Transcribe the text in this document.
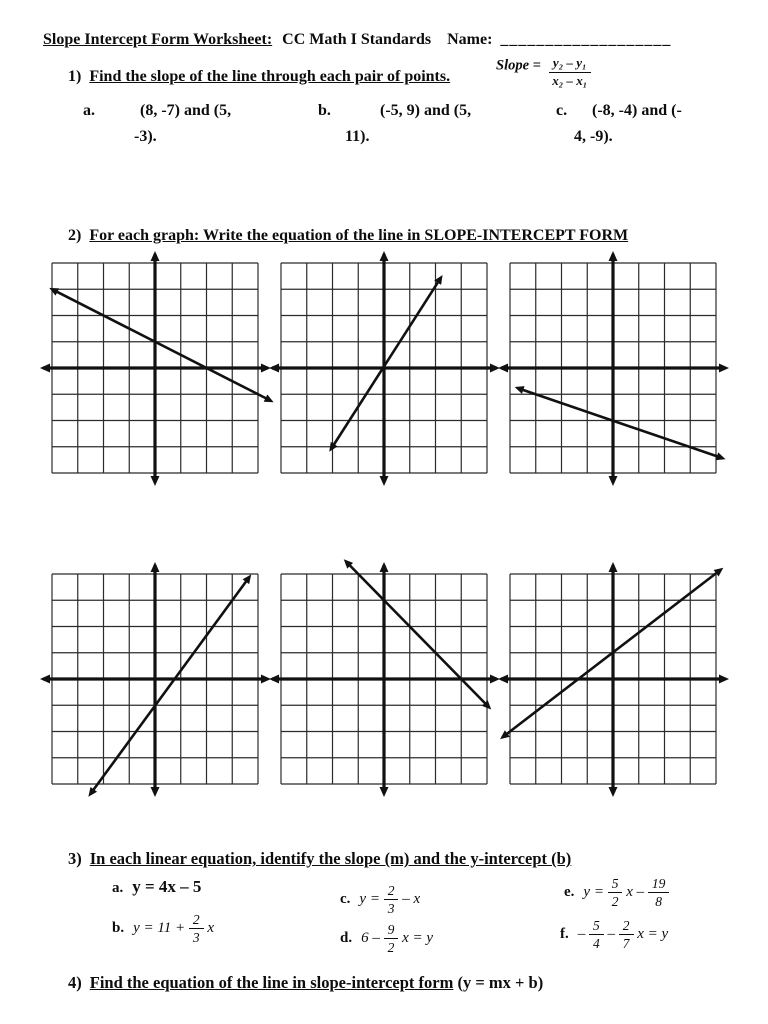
Slope Intercept Form Worksheet: CC Math I Standards Name: ___________________
1) Find the slope of the line through each pair of points.
Slope = $\frac{\text{y₂ – y₁}}{\text{x₂ – x₁}}$
a.	(8, -7) and (5,
-3).
b.	(-5, 9) and (5,
11).
c. (-8, -4) and (-
4, -9).
2) For each graph: Write the equation of the line in SLOPE-INTERCEPT FORM
3) In each linear equation, identify the slope (m) and the y-intercept (b)
a. y = 4x – 5
b. $y = 11 + \frac{2}{3}$ x
c. $y = \frac{2}{3} - x$
d. $6 - \frac{9}{2}$ x = y
e. $y = \frac{5}{2}$ x – $\frac{19}{8}$
f. – $\frac{5}{4} - \frac{2}{7}$ x = y
4) Find the equation of the line in slope-intercept form (y = mx + b)
